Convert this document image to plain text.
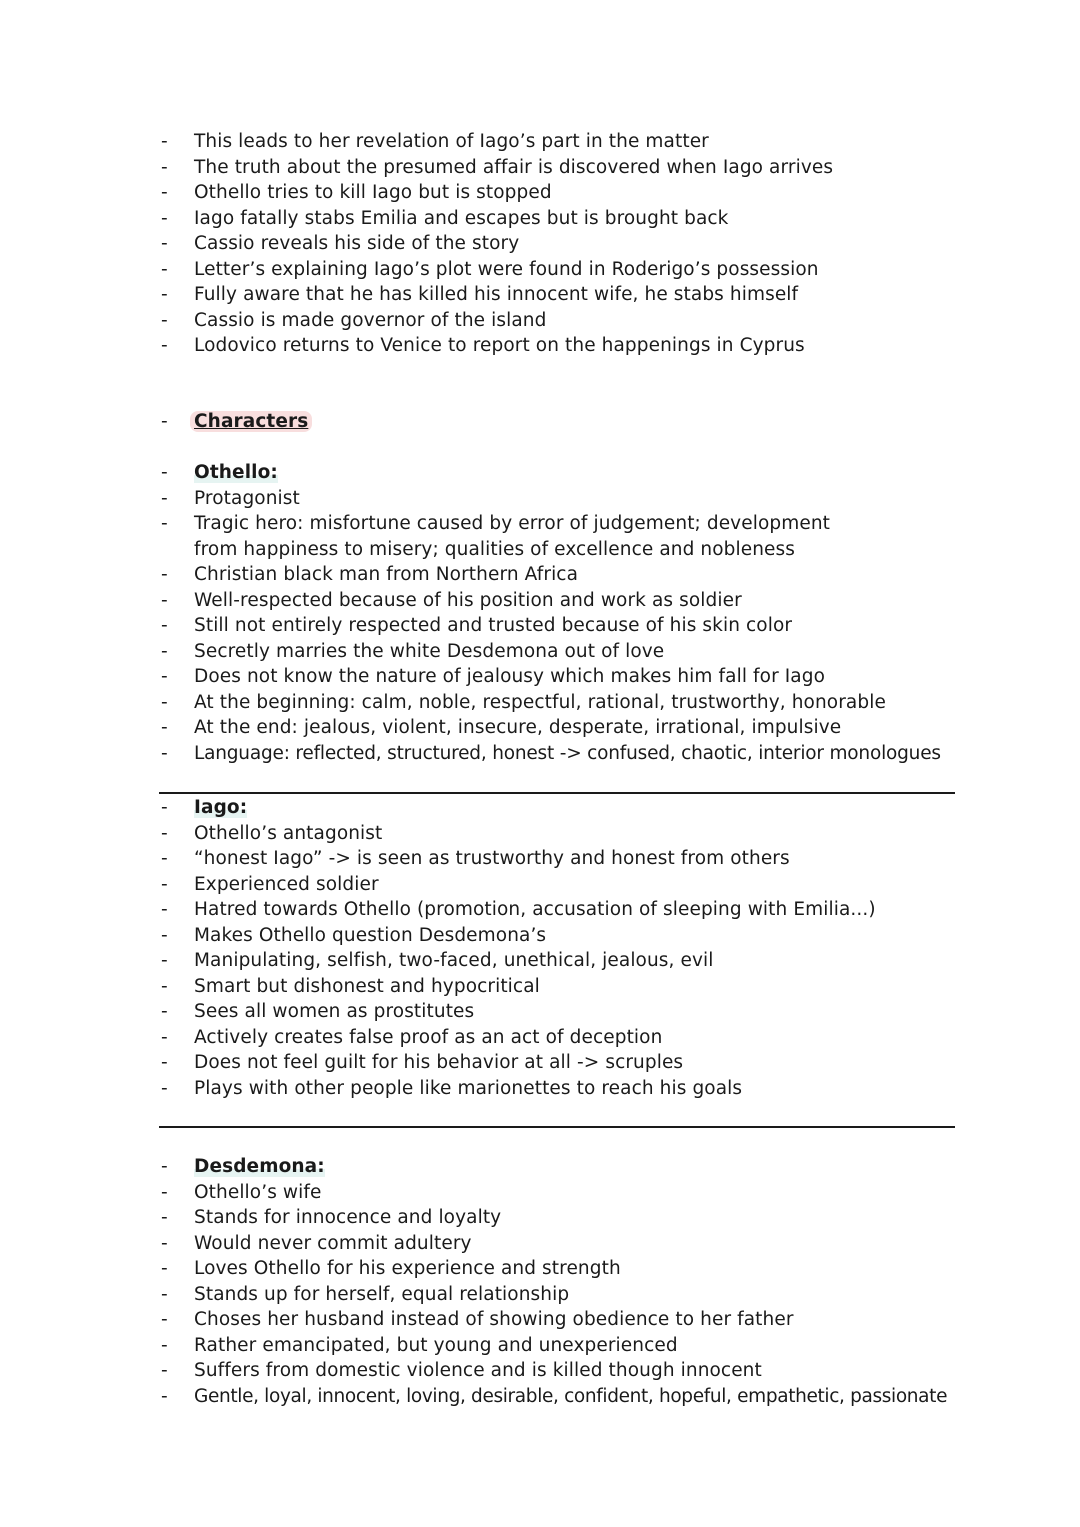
- This leads to her revelation of Iago’s part in the matter
- The truth about the presumed affair is discovered when Iago arrives
- Othello tries to kill Iago but is stopped
- Iago fatally stabs Emilia and escapes but is brought back
- Cassio reveals his side of the story
- Letter’s explaining Iago’s plot were found in Roderigo’s possession
- Fully aware that he has killed his innocent wife, he stabs himself
- Cassio is made governor of the island
- Lodovico returns to Venice to report on the happenings in Cyprus
- Characters
- Othello:
- Protagonist
- Tragic hero: misfortune caused by error of judgement; development from happiness to misery; qualities of excellence and nobleness
- Christian black man from Northern Africa
- Well-respected because of his position and work as soldier
- Still not entirely respected and trusted because of his skin color
- Secretly marries the white Desdemona out of love
- Does not know the nature of jealousy which makes him fall for Iago
- At the beginning: calm, noble, respectful, rational, trustworthy, honorable
- At the end: jealous, violent, insecure, desperate, irrational, impulsive
- Language: reflected, structured, honest -> confused, chaotic, interior monologues
- Iago:
- Othello’s antagonist
- “honest Iago” -> is seen as trustworthy and honest from others
- Experienced soldier
- Hatred towards Othello (promotion, accusation of sleeping with Emilia...)
- Makes Othello question Desdemona’s
- Manipulating, selfish, two-faced, unethical, jealous, evil
- Smart but dishonest and hypocritical
- Sees all women as prostitutes
- Actively creates false proof as an act of deception
- Does not feel guilt for his behavior at all -> scruples
- Plays with other people like marionettes to reach his goals
- Desdemona:
- Othello’s wife
- Stands for innocence and loyalty
- Would never commit adultery
- Loves Othello for his experience and strength
- Stands up for herself, equal relationship
- Choses her husband instead of showing obedience to her father
- Rather emancipated, but young and unexperienced
- Suffers from domestic violence and is killed though innocent
- Gentle, loyal, innocent, loving, desirable, confident, hopeful, empathetic, passionate
